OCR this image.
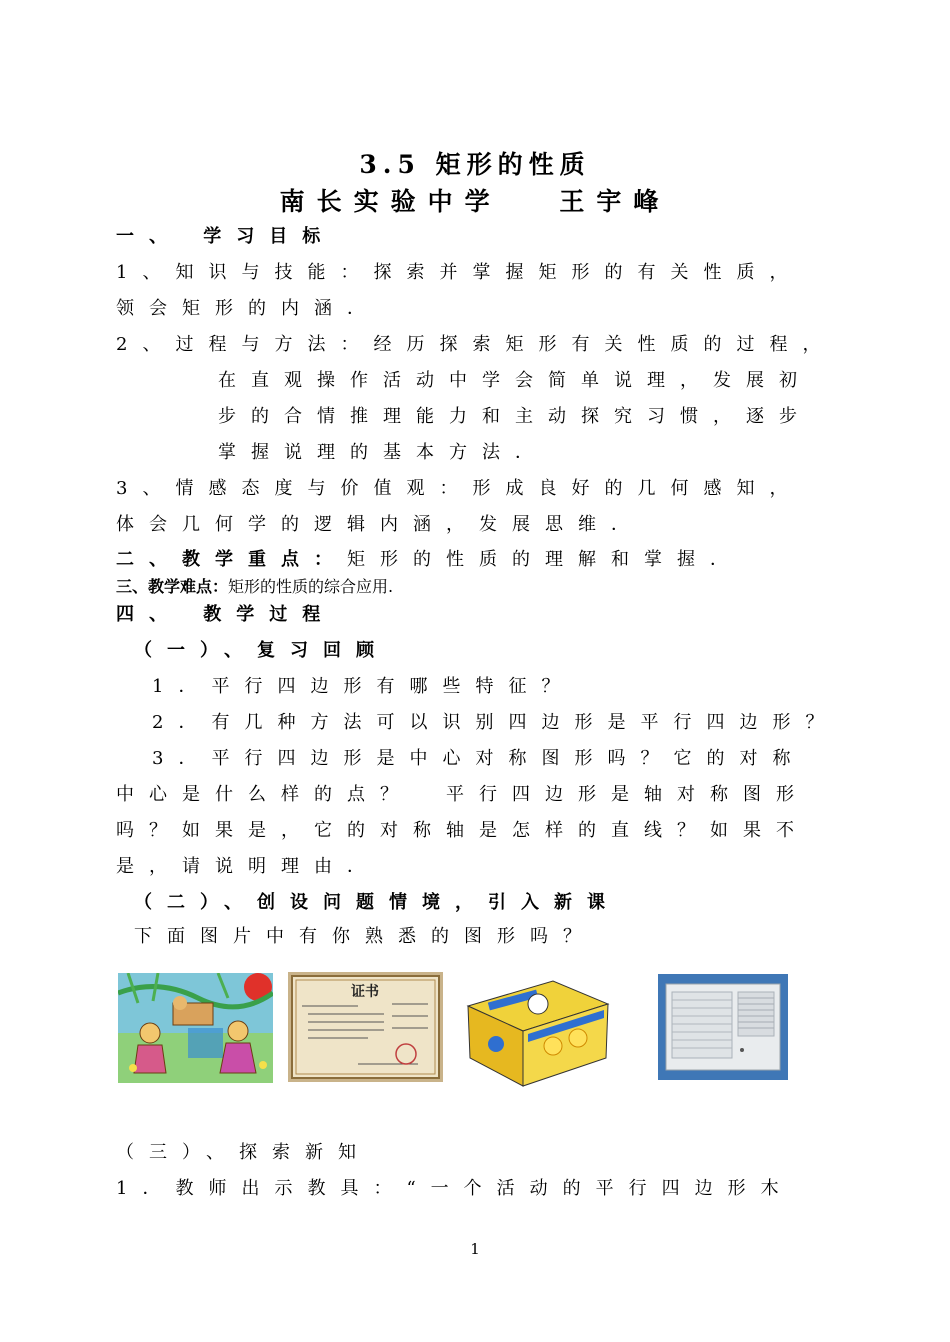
3.5 矩形的性质
南长实验中学　 王宇峰
一、 学习目标
1、知识与技能：探索并掌握矩形的有关性质，
领会矩形的内涵．
2、过程与方法：经历探索矩形有关性质的过程，
在直观操作活动中学会简单说理，发展初
步的合情推理能力和主动探究习惯，逐步
掌握说理的基本方法．
3、情感态度与价值观：形成良好的几何感知，
体会几何学的逻辑内涵，发展思维．
二、教学重点：矩形的性质的理解和掌握．
三、教学难点：矩形的性质的综合应用.
四、 教学过程
（一）、复习回顾
1．平行四边形有哪些特征？
2．有几种方法可以识别四边形是平行四边形？
3．平行四边形是中心对称图形吗？它的对称
中心是什么样的点？　平行四边形是轴对称图形
吗？如果是，它的对称轴是怎样的直线？如果不
是，请说明理由．
（二）、创设问题情境，引入新课
下面图片中有你熟悉的图形吗？
证书
（三）、探索新知
1．教师出示教具：“一个活动的平行四边形木
1
